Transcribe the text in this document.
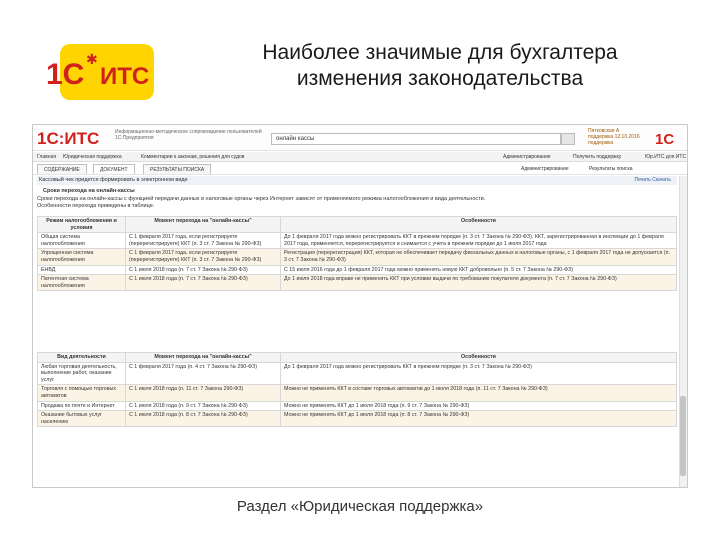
1С ✱
ИТС
Наиболее значимые для бухгалтера
изменения законодательства
1С:ИТС	Информационно-методическое сопровождение пользователей 1С:Предприятия	онлайн кассы
Пятковская А
поддержка 12.10.2016
поддержка	1С
Главная Юридическая поддержка	Комментарии к законам, решения для судов	Администрирование	Получить поддержку	Юр.ИТС для ИТС
СОДЕРЖАНИЕ	ДОКУМЕНТ	РЕЗУЛЬТАТЫ ПОИСКА	Администрирование	Результаты поиска
Кассовый чек придется формировать в электронном виде	Печать Скачать
Сроки перехода на онлайн-кассы
Сроки перехода на онлайн-кассы с функцией передачи данных в налоговые органы через Интернет зависят от применяемого режима налогообложения и вида деятельности.
Особенности перехода приведены в таблице.
Режим налогообложения и условия	Момент перехода на "онлайн-кассы"	Особенности
Общая система налогообложения	С 1 февраля 2017 года, если регистрируете (перерегистрируете) ККТ (п. 3 ст. 7 Закона № 290-ФЗ)	До 1 февраля 2017 года можно регистрировать ККТ в прежнем порядке (п. 3 ст. 7 Закона № 290-ФЗ). ККТ, зарегистрированная в инспекции до 1 февраля 2017 года, применяется, перерегистрируется и снимается с учета в прежнем порядке до 1 июля 2017 года
Упрощенная система налогообложения	С 1 февраля 2017 года, если регистрируете (перерегистрируете) ККТ (п. 3 ст. 7 Закона № 290-ФЗ)	Регистрация (перерегистрация) ККТ, которая не обеспечивает передачу фискальных данных в налоговые органы, с 1 февраля 2017 года не допускается (п. 3 ст. 7 Закона № 290-ФЗ)
ЕНВД	С 1 июля 2018 года (п. 7 ст. 7 Закона № 290-ФЗ)	С 15 июля 2016 года до 1 февраля 2017 года можно применять новую ККТ добровольно (п. 5 ст. 7 Закона № 290-ФЗ)
Патентная система налогообложения	С 1 июля 2018 года (п. 7 ст. 7 Закона № 290-ФЗ)	До 1 июля 2018 года вправе не применять ККТ при условии выдачи по требованию покупателя документа (п. 7 ст. 7 Закона № 290-ФЗ)
Вид деятельности	Момент перехода на "онлайн-кассы"	Особенности
Любая торговая деятельность, выполнение работ, оказание услуг	С 1 февраля 2017 года (п. 4 ст. 7 Закона № 290-ФЗ)	До 1 февраля 2017 года можно регистрировать ККТ в прежнем порядке (п. 3 ст. 7 Закона № 290-ФЗ)
Торговля с помощью торговых автоматов	С 1 июля 2018 года (п. 11 ст. 7 Закона 290-ФЗ)	Можно не применять ККТ в составе торговых автоматов до 1 июля 2018 года (п. 11 ст. 7 Закона № 290-ФЗ)
Продажа по почте и Интернет	С 1 июля 2018 года (п. 9 ст. 7 Закона № 290-ФЗ)	Можно не применять ККТ до 1 июля 2018 года (п. 9 ст. 7 Закона № 290-ФЗ)
Оказание бытовых услуг населению	С 1 июля 2018 года (п. 8 ст. 7 Закона № 290-ФЗ)	Можно не применять ККТ до 1 июля 2018 года (п. 8 ст. 7 Закона № 290-ФЗ)
Раздел «Юридическая поддержка»
